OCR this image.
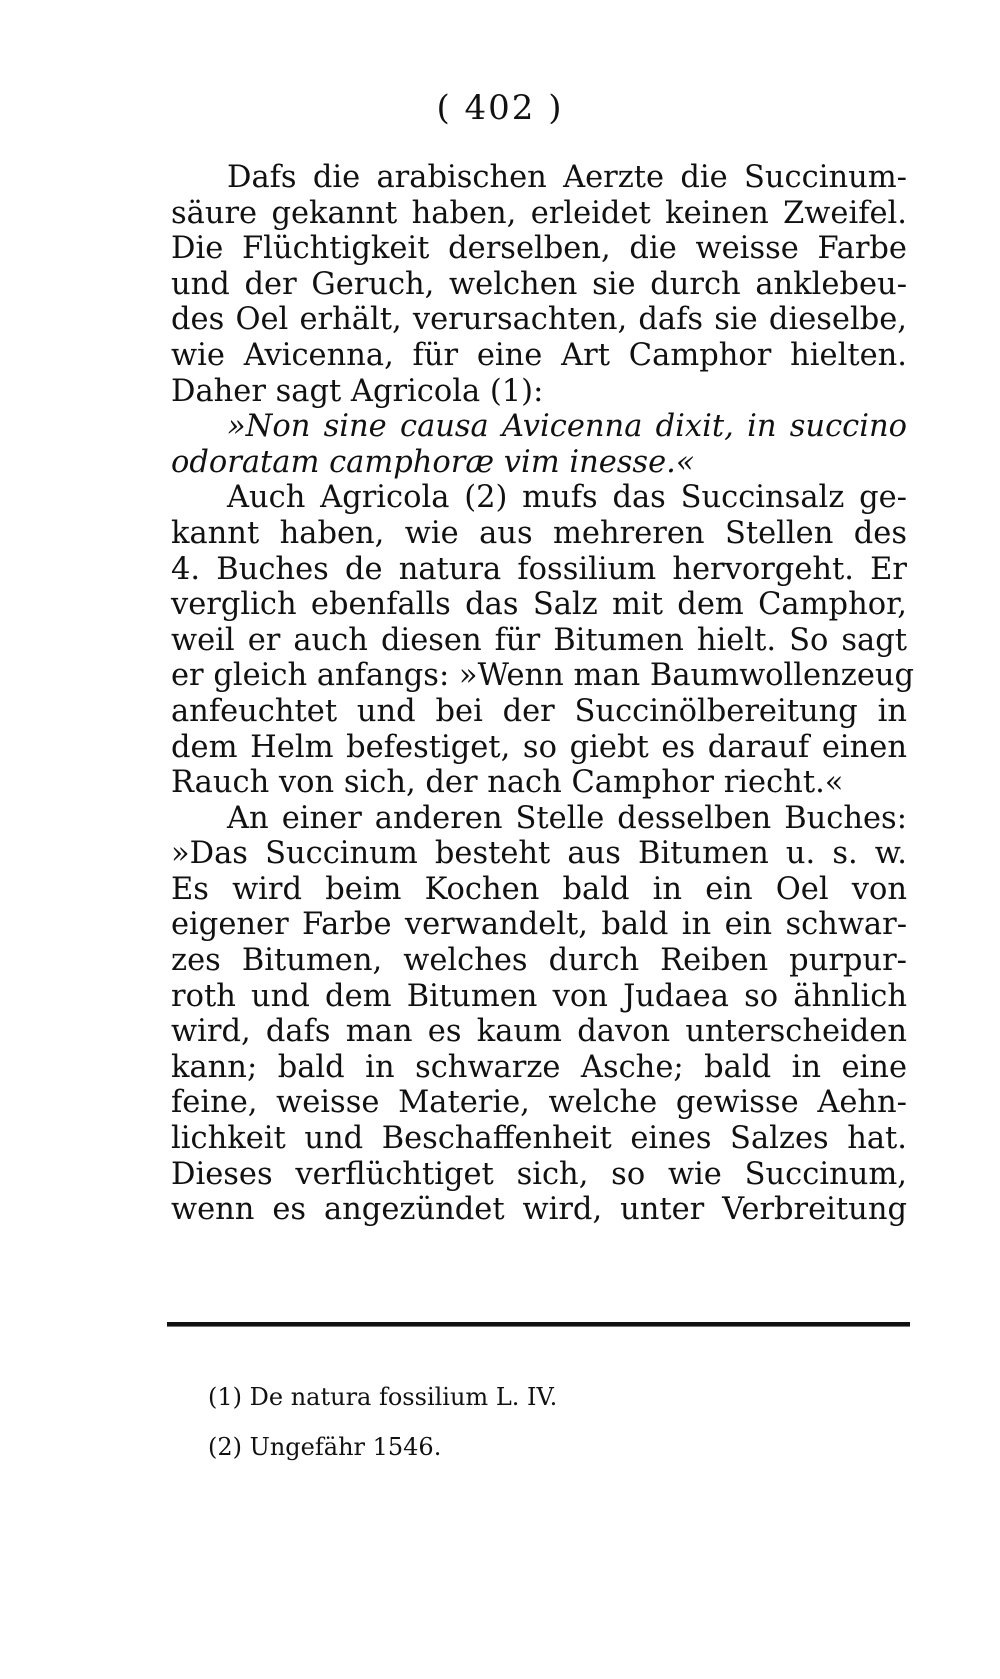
( 402 )
Dafs die arabischen Aerzte die Succinum-
säure gekannt haben, erleidet keinen Zweifel.
Die Flüchtigkeit derselben, die weisse Farbe
und der Geruch, welchen sie durch anklebeu-
des Oel erhält, verursachten, dafs sie dieselbe,
wie Avicenna, für eine Art Camphor hielten.
Daher sagt Agricola (1):
»Non sine causa Avicenna dixit, in succino
odoratam camphoræ vim inesse.«
Auch Agricola (2) mufs das Succinsalz ge-
kannt haben, wie aus mehreren Stellen des
4. Buches de natura fossilium hervorgeht. Er
verglich ebenfalls das Salz mit dem Camphor,
weil er auch diesen für Bitumen hielt. So sagt
er gleich anfangs: »Wenn man Baumwollenzeug
anfeuchtet und bei der Succinölbereitung in
dem Helm befestiget, so giebt es darauf einen
Rauch von sich, der nach Camphor riecht.«
An einer anderen Stelle desselben Buches:
»Das Succinum besteht aus Bitumen u. s. w.
Es wird beim Kochen bald in ein Oel von
eigener Farbe verwandelt, bald in ein schwar-
zes Bitumen, welches durch Reiben purpur-
roth und dem Bitumen von Judaea so ähnlich
wird, dafs man es kaum davon unterscheiden
kann; bald in schwarze Asche; bald in eine
feine, weisse Materie, welche gewisse Aehn-
lichkeit und Beschaffenheit eines Salzes hat.
Dieses verflüchtiget sich, so wie Succinum,
wenn es angezündet wird, unter Verbreitung
(1) De natura fossilium L. IV.
(2) Ungefähr 1546.
